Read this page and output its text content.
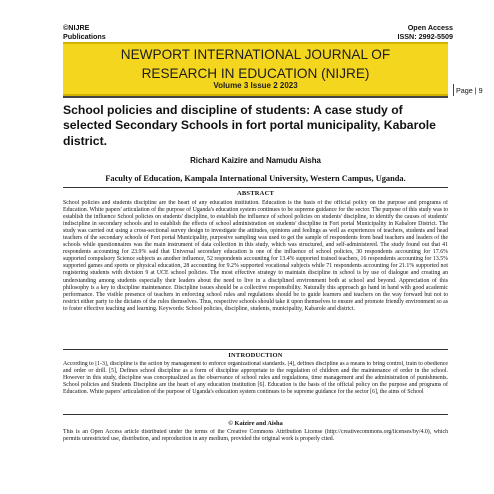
©NIJRE
Publications
Open Access
ISSN: 2992-5509
NEWPORT INTERNATIONAL JOURNAL OF
RESEARCH IN EDUCATION (NIJRE)
Volume 3 Issue 2 2023
Page | 9
School policies and discipline of students: A case study of selected Secondary Schools in fort portal municipality, Kabarole district.
Richard Kaizire and Namudu Aisha
Faculty of Education, Kampala International University, Western Campus, Uganda.
ABSTRACT
School policies and students discipline are the heart of any education institution. Education is the basis of the official policy on the purpose and programs of Education. White papers' articulation of the purpose of Uganda's education system continues to be supreme guidance for the sector. The purpose of this study was to establish the influence School policies on students' discipline, to establish the influence of school policies on students' discipline, to identify the causes of students' indiscipline in secondary schools and to establish the effects of school administration on students' discipline in Fort portal Municipality in Kabalore District. The study was carried out using a cross-sectional survey design to investigate the attitudes, opinions and feelings as well as experiences of teachers, students and head teachers of the secondary schools of Fort portal Municipality, purposive sampling was used to get the sample of respondents from head teachers and leaders of the schools while questionnaires was the main instrument of data collection in this study, which was structured, and self-administered. The study found out that 41 respondents accounting for 23.9% said that Universal secondary education is one of the influence of school policies, 30 respondents accounting for 17.6% supported compulsory Science subjects as another influence, 52 respondents accounting for 13.4% supported trained teachers, 16 respondents accounting for 13.5% supported games and sports or physical education, 28 accounting for 9.2% supported vocational subjects while 71 respondents accounting for 21.1% supported not registering students with division 9 at UCE school policies. The most effective strategy to maintain discipline in school is by use of dialogue and creating an understanding among students especially their leaders about the need to live in a disciplined environment both at school and beyond. Appreciation of this philosophy is a key to discipline maintenance. Discipline issues should be a collective responsibility. Naturally this approach go hand in hand with good academic performance. The visible presence of teachers in enforcing school rules and regulations should be to guide learners and teachers on the way forward but not to restrict either party to the dictates of the rules themselves. Thus, respective schools should take it upon themselves to ensure and promote friendly environment so as to foster effective teaching and learning. Keywords: School policies, discipline, students, municipality, Kabarole and district.
INTRODUCTION
According to [1-3], discipline is the action by management to enforce organizational standards. [4], defines discipline as a means to bring control, train to obedience and order or drill. [5], Defines school discipline as a form of discipline appropriate to the regulation of children and the maintenance of order in the school. However in this study, discipline was conceptualized as the observance of school rules and regulations, time management and the administration of punishments. School policies and Students Discipline are the heart of any education institution [6]. Education is the basis of the official policy on the purpose and programs of Education. White papers' articulation of the purpose of Uganda's education system continues to be supreme guidance for the sector [6], the aims of School
© Kaizire and Aisha
This is an Open Access article distributed under the terms of the Creative Commons Attribution License (http://creativecommons.org/licenses/by/4.0), which permits unrestricted use, distribution, and reproduction in any medium, provided the original work is properly cited.
